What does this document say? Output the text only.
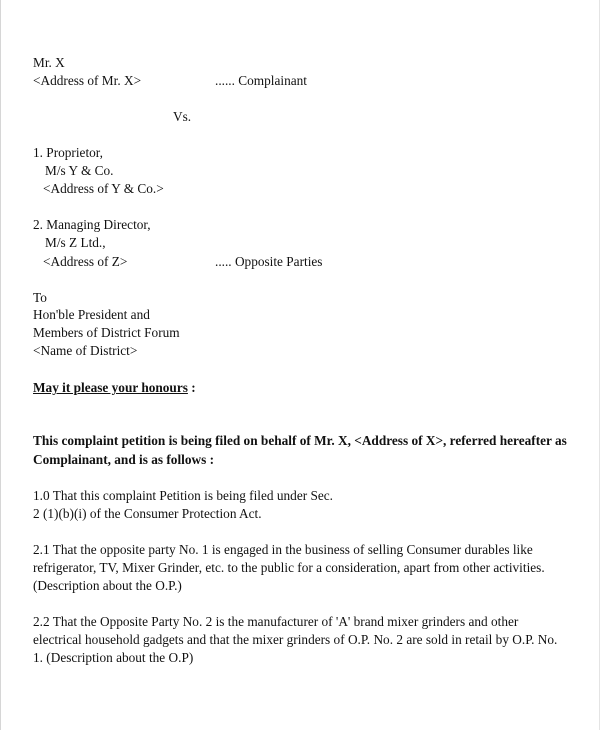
Mr. X
<Address of Mr. X>	...... Complainant
Vs.
1. Proprietor,
M/s Y & Co.
<Address of Y & Co.>
2. Managing Director,
M/s Z Ltd.,
<Address of Z>	..... Opposite Parties
To
Hon'ble President and
Members of District Forum
<Name of District>
May it please your honours :
This complaint petition is being filed on behalf of Mr. X, <Address of X>, referred hereafter as
Complainant, and is as follows :
1.0 That this complaint Petition is being filed under Sec.
2 (1)(b)(i) of the Consumer Protection Act.
2.1 That the opposite party No. 1 is engaged in the business of selling Consumer durables like
refrigerator, TV, Mixer Grinder, etc. to the public for a consideration, apart from other activities.
(Description about the O.P.)
2.2 That the Opposite Party No. 2 is the manufacturer of 'A' brand mixer grinders and other
electrical household gadgets and that the mixer grinders of O.P. No. 2 are sold in retail by O.P. No.
1. (Description about the O.P)
